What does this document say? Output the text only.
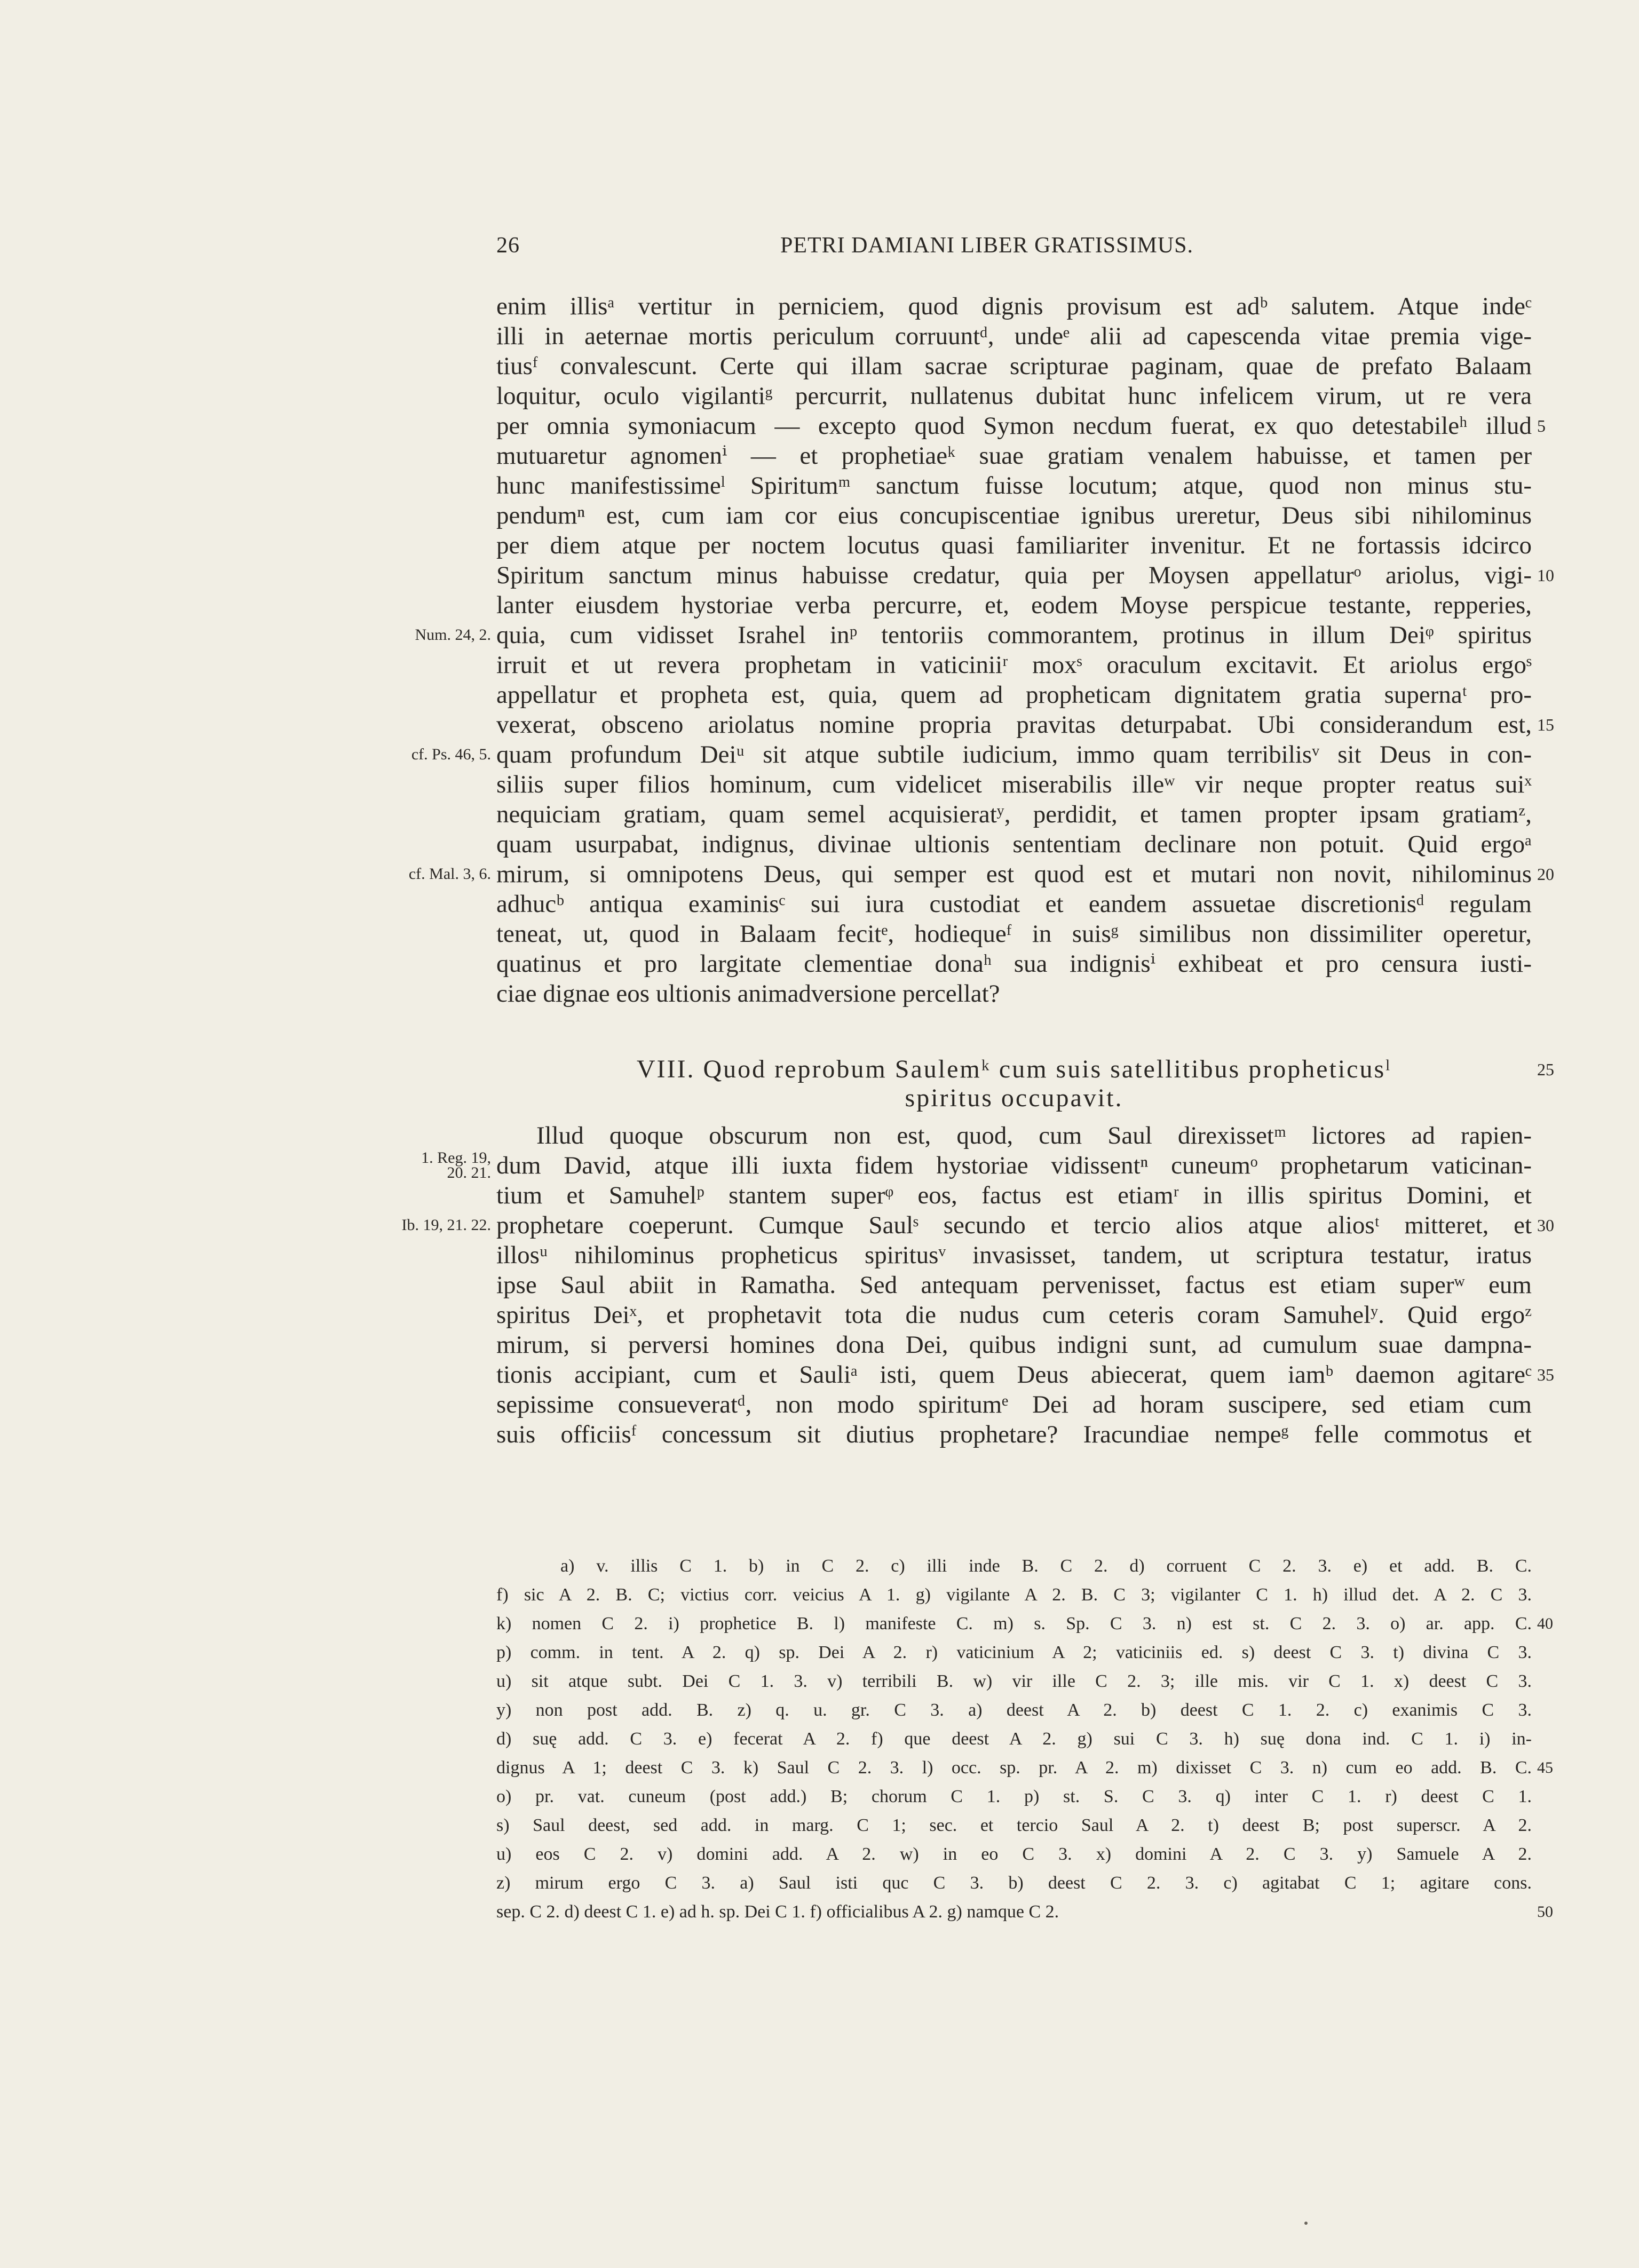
26	PETRI DAMIANI LIBER GRATISSIMUS.
enim illisᵃ vertitur in perniciem, quod dignis provisum est adᵇ salutem. Atque indeᶜ
illi in aeternae mortis periculum corruuntᵈ, undeᵉ alii ad capescenda vitae premia vige-
tiusᶠ convalescunt. Certe qui illam sacrae scripturae paginam, quae de prefato Balaam
loquitur, oculo vigilantiᵍ percurrit, nullatenus dubitat hunc infelicem virum, ut re vera
per omnia symoniacum — excepto quod Symon necdum fuerat, ex quo detestabileʰ illud
mutuaretur agnomenⁱ — et prophetiaeᵏ suae gratiam venalem habuisse, et tamen per
hunc manifestissimeˡ Spiritumᵐ sanctum fuisse locutum; atque, quod non minus stu-
pendumⁿ est, cum iam cor eius concupiscentiae ignibus ureretur, Deus sibi nihilominus
per diem atque per noctem locutus quasi familiariter invenitur. Et ne fortassis idcirco
Spiritum sanctum minus habuisse credatur, quia per Moysen appellaturᵒ ariolus, vigi-
lanter eiusdem hystoriae verba percurre, et, eodem Moyse perspicue testante, repperies,
quia, cum vidisset Israhel inᵖ tentoriis commorantem, protinus in illum Deiᵠ spiritus
irruit et ut revera prophetam in vaticiniiʳ moxˢ oraculum excitavit. Et ariolus ergoˢ
appellatur et propheta est, quia, quem ad propheticam dignitatem gratia supernaᵗ pro-
vexerat, obsceno ariolatus nomine propria pravitas deturpabat. Ubi considerandum est,
quam profundum Deiᵘ sit atque subtile iudicium, immo quam terribilisᵛ sit Deus in con-
siliis super filios hominum, cum videlicet miserabilis illeʷ vir neque propter reatus suiˣ
nequiciam gratiam, quam semel acquisieratʸ, perdidit, et tamen propter ipsam gratiamᶻ,
quam usurpabat, indignus, divinae ultionis sententiam declinare non potuit. Quid ergoᵃ
mirum, si omnipotens Deus, qui semper est quod est et mutari non novit, nihilominus
adhucᵇ antiqua examinisᶜ sui iura custodiat et eandem assuetae discretionisᵈ regulam
teneat, ut, quod in Balaam fecitᵉ, hodiequeᶠ in suisᵍ similibus non dissimiliter operetur,
quatinus et pro largitate clementiae donaʰ sua indignisⁱ exhibeat et pro censura iusti-
ciae dignae eos ultionis animadversione percellat?
VIII. Quod reprobum Saulemᵏ cum suis satellitibus propheticusˡ
spiritus occupavit.
Illud quoque obscurum non est, quod, cum Saul direxissetᵐ lictores ad rapien-
dum David, atque illi iuxta fidem hystoriae vidissentⁿ cuneumᵒ prophetarum vaticinan-
tium et Samuhelᵖ stantem superᵠ eos, factus est etiamʳ in illis spiritus Domini, et
prophetare coeperunt. Cumque Saulˢ secundo et tercio alios atque aliosᵗ mitteret, et
illosᵘ nihilominus propheticus spiritusᵛ invasisset, tandem, ut scriptura testatur, iratus
ipse Saul abiit in Ramatha. Sed antequam pervenisset, factus est etiam superʷ eum
spiritus Deiˣ, et prophetavit tota die nudus cum ceteris coram Samuhelʸ. Quid ergoᶻ
mirum, si perversi homines dona Dei, quibus indigni sunt, ad cumulum suae dampna-
tionis accipiant, cum et Sauliᵃ isti, quem Deus abiecerat, quem iamᵇ daemon agitareᶜ
sepissime consueveratᵈ, non modo spiritumᵉ Dei ad horam suscipere, sed etiam cum
suis officiisᶠ concessum sit diutius prophetare? Iracundiae nempeᵍ felle commotus et
5
10
15
20
25
30
35
Num. 24, 2.
cf. Ps. 46, 5.
cf. Mal. 3, 6.
1. Reg. 19,
20. 21.
Ib. 19, 21. 22.
a) v. illis C 1. b) in C 2. c) illi inde B. C 2. d) corruent C 2. 3. e) et add. B. C.
f) sic A 2. B. C; victius corr. veicius A 1. g) vigilante A 2. B. C 3; vigilanter C 1. h) illud det. A 2. C 3.
k) nomen C 2. i) prophetice B. l) manifeste C. m) s. Sp. C 3. n) est st. C 2. 3. o) ar. app. C.
p) comm. in tent. A 2. q) sp. Dei A 2. r) vaticinium A 2; vaticiniis ed. s) deest C 3. t) divina C 3.
u) sit atque subt. Dei C 1. 3. v) terribili B. w) vir ille C 2. 3; ille mis. vir C 1. x) deest C 3.
y) non post add. B. z) q. u. gr. C 3. a) deest A 2. b) deest C 1. 2. c) exanimis C 3.
d) suę add. C 3. e) fecerat A 2. f) que deest A 2. g) sui C 3. h) suę dona ind. C 1. i) in-
dignus A 1; deest C 3. k) Saul C 2. 3. l) occ. sp. pr. A 2. m) dixisset C 3. n) cum eo add. B. C.
o) pr. vat. cuneum (post add.) B; chorum C 1. p) st. S. C 3. q) inter C 1. r) deest C 1.
s) Saul deest, sed add. in marg. C 1; sec. et tercio Saul A 2. t) deest B; post superscr. A 2.
u) eos C 2. v) domini add. A 2. w) in eo C 3. x) domini A 2. C 3. y) Samuele A 2.
z) mirum ergo C 3. a) Saul isti quc C 3. b) deest C 2. 3. c) agitabat C 1; agitare cons.
sep. C 2. d) deest C 1. e) ad h. sp. Dei C 1. f) officialibus A 2. g) namque C 2.
40
45
50
